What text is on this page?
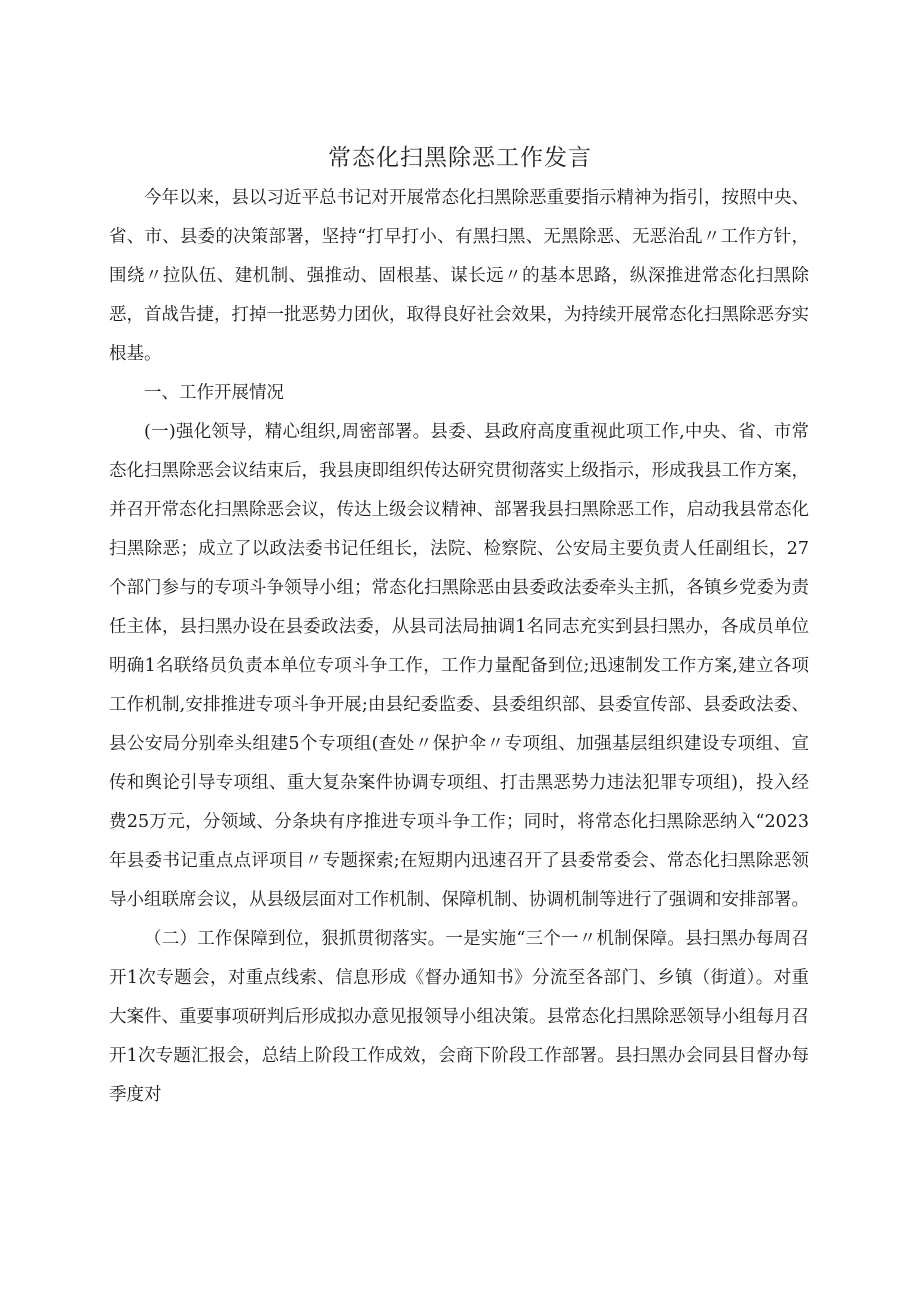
常态化扫黑除恶工作发言

今年以来，县以习近平总书记对开展常态化扫黑除恶重要指示精神为指引，按照中央、省、市、县委的决策部署，坚持“打早打小、有黑扫黑、无黑除恶、无恶治乱〃工作方针，围绕〃拉队伍、建机制、强推动、固根基、谋长远〃的基本思路，纵深推进常态化扫黑除恶，首战告捷，打掉一批恶势力团伙，取得良好社会效果，为持续开展常态化扫黑除恶夯实根基。

一、工作开展情况

(一)强化领导，精心组织,周密部署。县委、县政府高度重视此项工作,中央、省、市常态化扫黑除恶会议结束后，我县庚即组织传达研究贯彻落实上级指示，形成我县工作方案，并召开常态化扫黑除恶会议，传达上级会议精神、部署我县扫黑除恶工作，启动我县常态化扫黑除恶；成立了以政法委书记任组长，法院、检察院、公安局主要负责人任副组长，27个部门参与的专项斗争领导小组；常态化扫黑除恶由县委政法委牵头主抓，各镇乡党委为责任主体，县扫黑办设在县委政法委，从县司法局抽调1名同志充实到县扫黑办，各成员单位明确1名联络员负责本单位专项斗争工作，工作力量配备到位;迅速制发工作方案,建立各项工作机制,安排推进专项斗争开展;由县纪委监委、县委组织部、县委宣传部、县委政法委、县公安局分别牵头组建5个专项组(查处〃保护伞〃专项组、加强基层组织建设专项组、宣传和舆论引导专项组、重大复杂案件协调专项组、打击黑恶势力违法犯罪专项组)，投入经费25万元，分领域、分条块有序推进专项斗争工作；同时，将常态化扫黑除恶纳入“2023年县委书记重点点评项目〃专题探索;在短期内迅速召开了县委常委会、常态化扫黑除恶领导小组联席会议，从县级层面对工作机制、保障机制、协调机制等进行了强调和安排部署。

（二）工作保障到位，狠抓贯彻落实。一是实施“三个一〃机制保障。县扫黑办每周召开1次专题会，对重点线索、信息形成《督办通知书》分流至各部门、乡镇（街道）。对重大案件、重要事项研判后形成拟办意见报领导小组决策。县常态化扫黑除恶领导小组每月召开1次专题汇报会，总结上阶段工作成效，会商下阶段工作部署。县扫黑办会同县目督办每季度对
